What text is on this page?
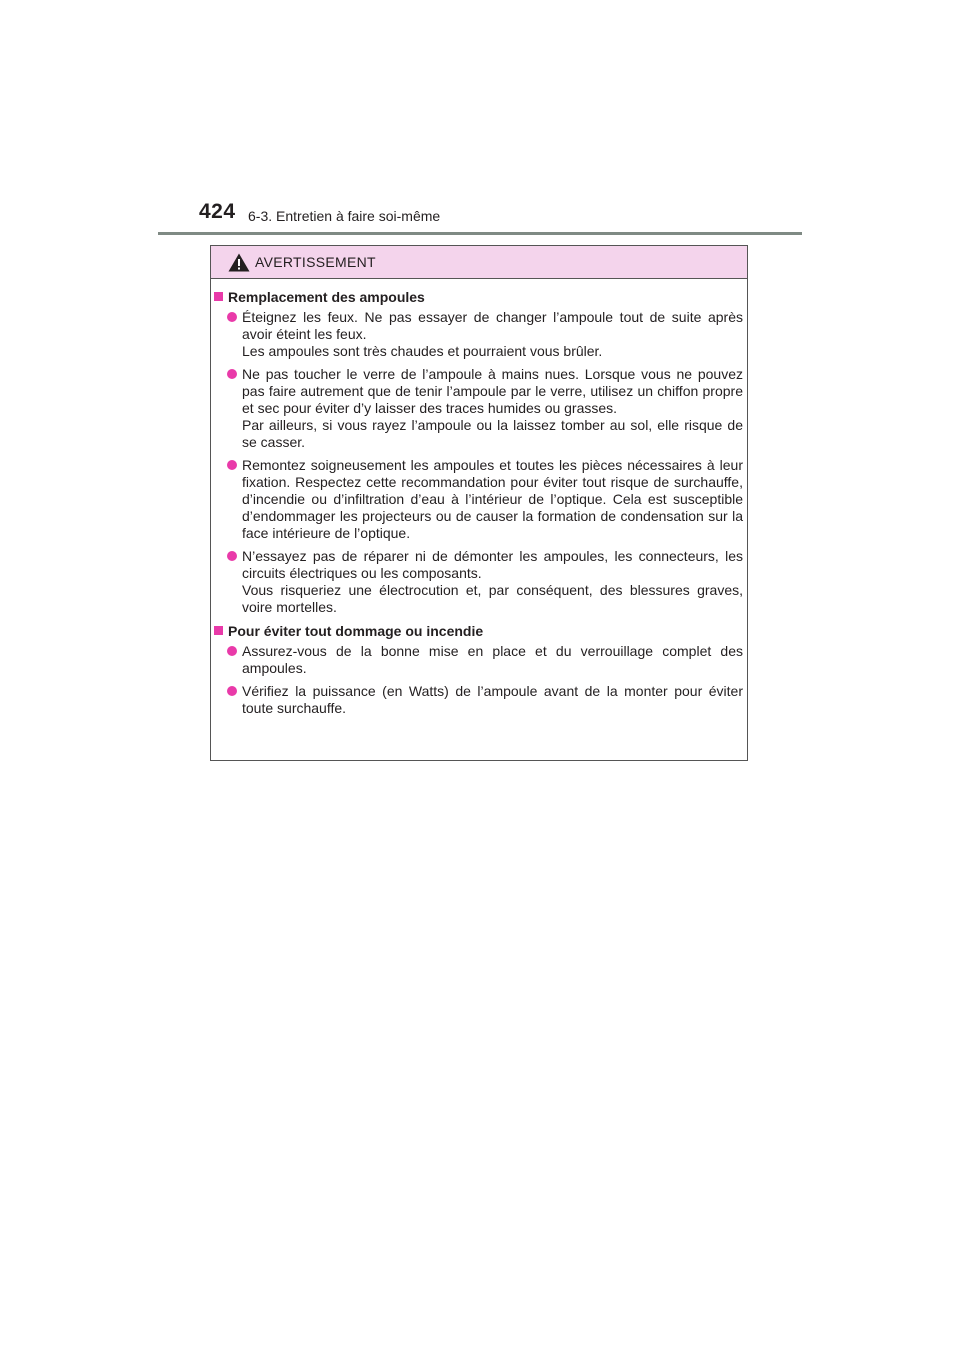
424 6-3. Entretien à faire soi-même
AVERTISSEMENT
Remplacement des ampoules
Éteignez les feux. Ne pas essayer de changer l’ampoule tout de suite après avoir éteint les feux.
Les ampoules sont très chaudes et pourraient vous brûler.
Ne pas toucher le verre de l’ampoule à mains nues. Lorsque vous ne pouvez pas faire autrement que de tenir l’ampoule par le verre, utilisez un chiffon propre et sec pour éviter d’y laisser des traces humides ou grasses.
Par ailleurs, si vous rayez l’ampoule ou la laissez tomber au sol, elle risque de se casser.
Remontez soigneusement les ampoules et toutes les pièces nécessaires à leur fixation. Respectez cette recommandation pour éviter tout risque de surchauffe, d’incendie ou d’infiltration d’eau à l’intérieur de l’optique. Cela est susceptible d’endommager les projecteurs ou de causer la formation de condensation sur la face intérieure de l’optique.
N’essayez pas de réparer ni de démonter les ampoules, les connecteurs, les circuits électriques ou les composants.
Vous risqueriez une électrocution et, par conséquent, des blessures graves, voire mortelles.
Pour éviter tout dommage ou incendie
Assurez-vous de la bonne mise en place et du verrouillage complet des ampoules.
Vérifiez la puissance (en Watts) de l’ampoule avant de la monter pour éviter toute surchauffe.
